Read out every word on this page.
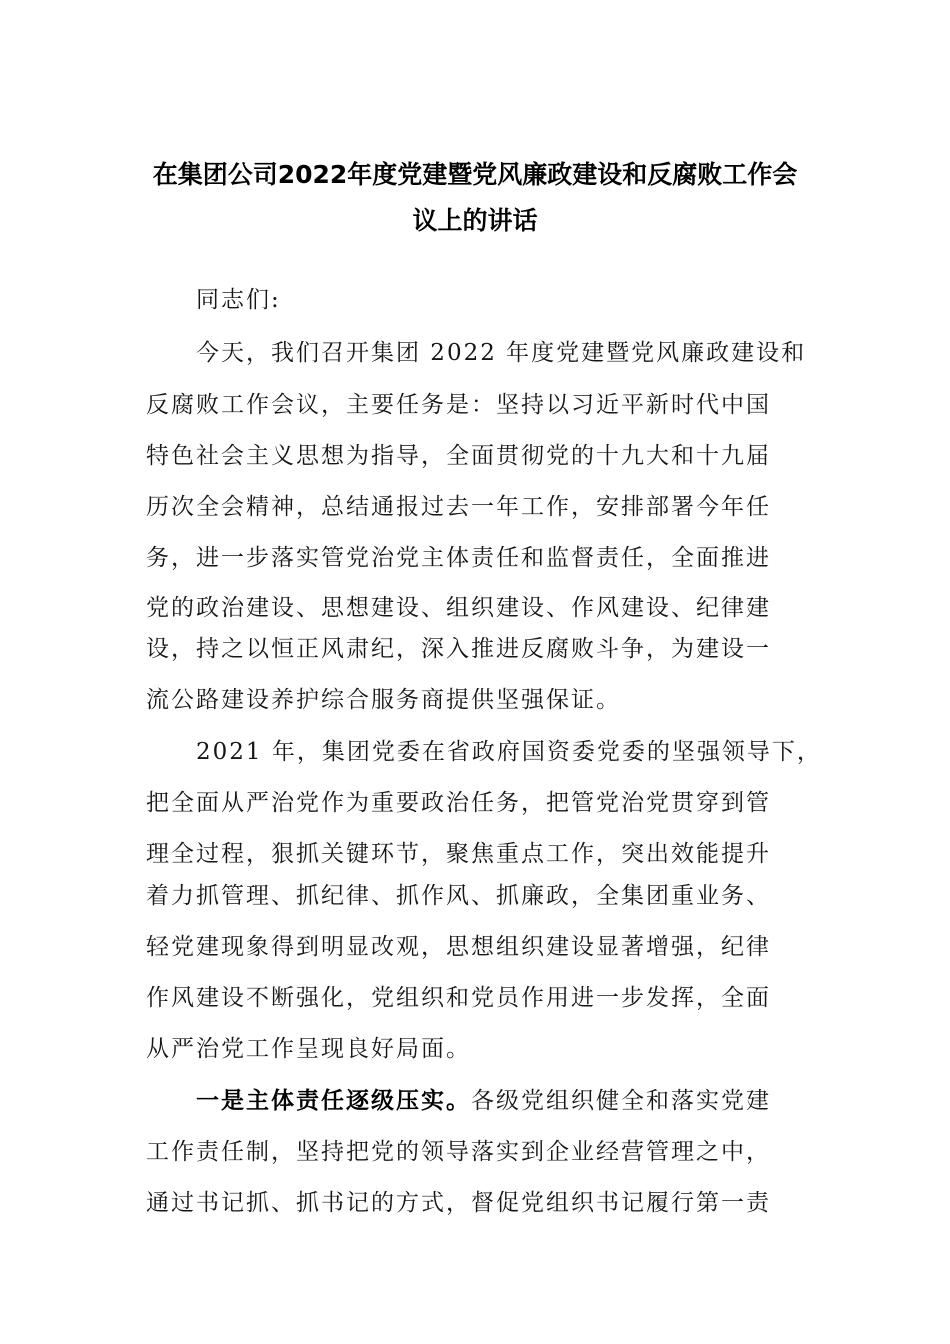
在集团公司2022年度党建暨党风廉政建设和反腐败工作会
议上的讲话
同志们:
今天，我们召开集团 2022 年度党建暨党风廉政建设和
反腐败工作会议，主要任务是：坚持以习近平新时代中国
特色社会主义思想为指导，全面贯彻党的十九大和十九届
历次全会精神，总结通报过去一年工作，安排部署今年任
务，进一步落实管党治党主体责任和监督责任，全面推进
党的政治建设、思想建设、组织建设、作风建设、纪律建
设，持之以恒正风肃纪，深入推进反腐败斗争，为建设一
流公路建设养护综合服务商提供坚强保证。
2021 年，集团党委在省政府国资委党委的坚强领导下，
把全面从严治党作为重要政治任务，把管党治党贯穿到管
理全过程，狠抓关键环节，聚焦重点工作，突出效能提升
着力抓管理、抓纪律、抓作风、抓廉政，全集团重业务、
轻党建现象得到明显改观，思想组织建设显著增强，纪律
作风建设不断强化，党组织和党员作用进一步发挥，全面
从严治党工作呈现良好局面。
一是主体责任逐级压实。各级党组织健全和落实党建
工作责任制，坚持把党的领导落实到企业经营管理之中，
通过书记抓、抓书记的方式，督促党组织书记履行第一责
